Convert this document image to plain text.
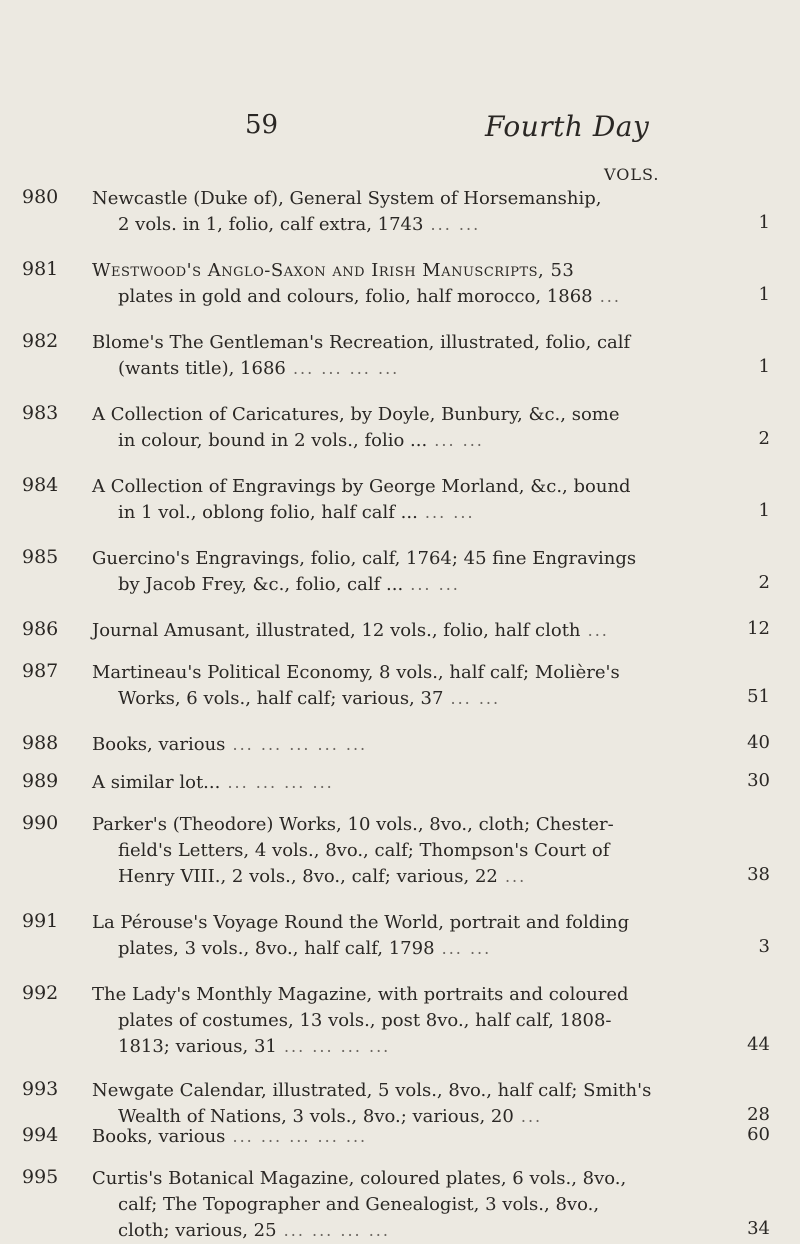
59	Fourth Day
VOLS.
980 Newcastle (Duke of), General System of Horsemanship,
2 vols. in 1, folio, calf extra, 1743 ... ...	1
981 Westwood's Anglo-Saxon and Irish Manuscripts, 53
plates in gold and colours, folio, half morocco, 1868 ...	1
982 Blome's The Gentleman's Recreation, illustrated, folio, calf
(wants title), 1686 ... ... ... ...	1
983 A Collection of Caricatures, by Doyle, Bunbury, &c., some
in colour, bound in 2 vols., folio ... ... ...	2
984 A Collection of Engravings by George Morland, &c., bound
in 1 vol., oblong folio, half calf ... ... ...	1
985 Guercino's Engravings, folio, calf, 1764; 45 fine Engravings
by Jacob Frey, &c., folio, calf ... ... ...	2
986 Journal Amusant, illustrated, 12 vols., folio, half cloth ...	12
987 Martineau's Political Economy, 8 vols., half calf; Molière's
Works, 6 vols., half calf; various, 37 ... ...	51
988 Books, various ... ... ... ... ...	40
989 A similar lot... ... ... ... ...	30
990 Parker's (Theodore) Works, 10 vols., 8vo., cloth; Chester-
field's Letters, 4 vols., 8vo., calf; Thompson's Court of
Henry VIII., 2 vols., 8vo., calf; various, 22 ...	38
991 La Pérouse's Voyage Round the World, portrait and folding
plates, 3 vols., 8vo., half calf, 1798 ... ...	3
992 The Lady's Monthly Magazine, with portraits and coloured
plates of costumes, 13 vols., post 8vo., half calf, 1808-
1813; various, 31 ... ... ... ...	44
993 Newgate Calendar, illustrated, 5 vols., 8vo., half calf; Smith's
Wealth of Nations, 3 vols., 8vo.; various, 20 ...	28
994 Books, various ... ... ... ... ...	60
995 Curtis's Botanical Magazine, coloured plates, 6 vols., 8vo.,
calf; The Topographer and Genealogist, 3 vols., 8vo.,
cloth; various, 25 ... ... ... ...	34
